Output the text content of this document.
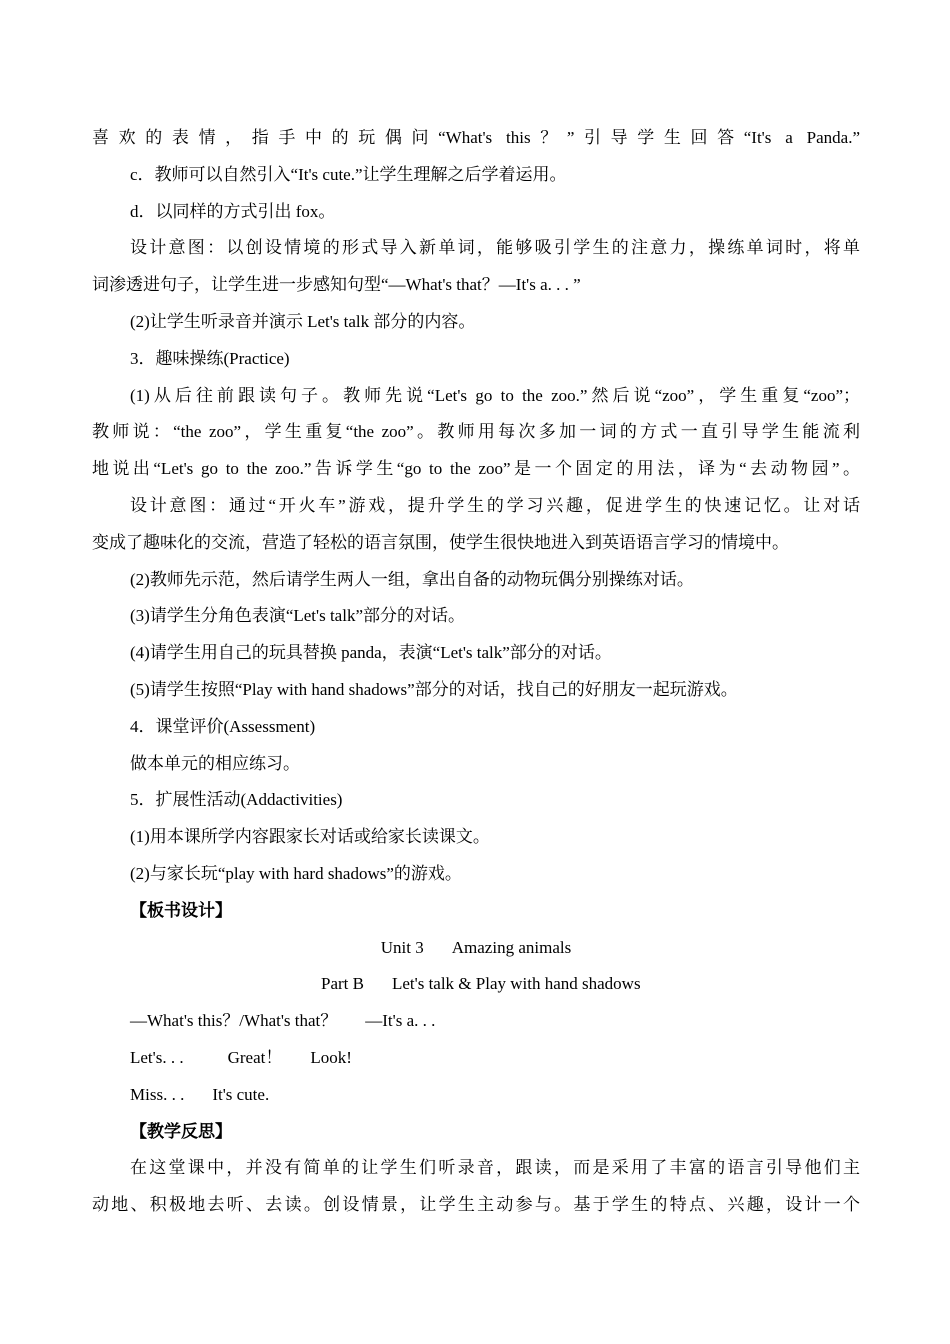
喜欢的表情，指手中的玩偶问“What's this？”引导学生回答“It's a Panda.”
c．教师可以自然引入“It's cute.”让学生理解之后学着运用。
d．以同样的方式引出 fox。
设计意图：以创设情境的形式导入新单词，能够吸引学生的注意力，操练单词时，将单
词渗透进句子，让学生进一步感知句型“—What's that？—It's a. . . ”
(2)让学生听录音并演示 Let's talk 部分的内容。
3．趣味操练(Practice)
(1)从后往前跟读句子。教师先说“Let's go to the zoo.”然后说“zoo”，学生重复“zoo”；
教师说：“the zoo”，学生重复“the zoo”。教师用每次多加一词的方式一直引导学生能流利
地说出“Let's go to the zoo.”告诉学生“go to the zoo”是一个固定的用法，译为“去动物园”。
设计意图：通过“开火车”游戏，提升学生的学习兴趣，促进学生的快速记忆。让对话
变成了趣味化的交流，营造了轻松的语言氛围，使学生很快地进入到英语语言学习的情境中。
(2)教师先示范，然后请学生两人一组，拿出自备的动物玩偶分别操练对话。
(3)请学生分角色表演“Let's talk”部分的对话。
(4)请学生用自己的玩具替换 panda，表演“Let's talk”部分的对话。
(5)请学生按照“Play with hand shadows”部分的对话，找自己的好朋友一起玩游戏。
4．课堂评价(Assessment)
做本单元的相应练习。
5．扩展性活动(Addactivities)
(1)用本课所学内容跟家长对话或给家长读课文。
(2)与家长玩“play with hard shadows”的游戏。
【板书设计】
Unit 3 Amazing animals
Part B Let's talk & Play with hand shadows
—What's this？/What's that？ —It's a. . .
Let's. . .	Great！ Look!
Miss. . . It's cute.
【教学反思】
在这堂课中，并没有简单的让学生们听录音，跟读，而是采用了丰富的语言引导他们主
动地、积极地去听、去读。创设情景，让学生主动参与。基于学生的特点、兴趣，设计一个
